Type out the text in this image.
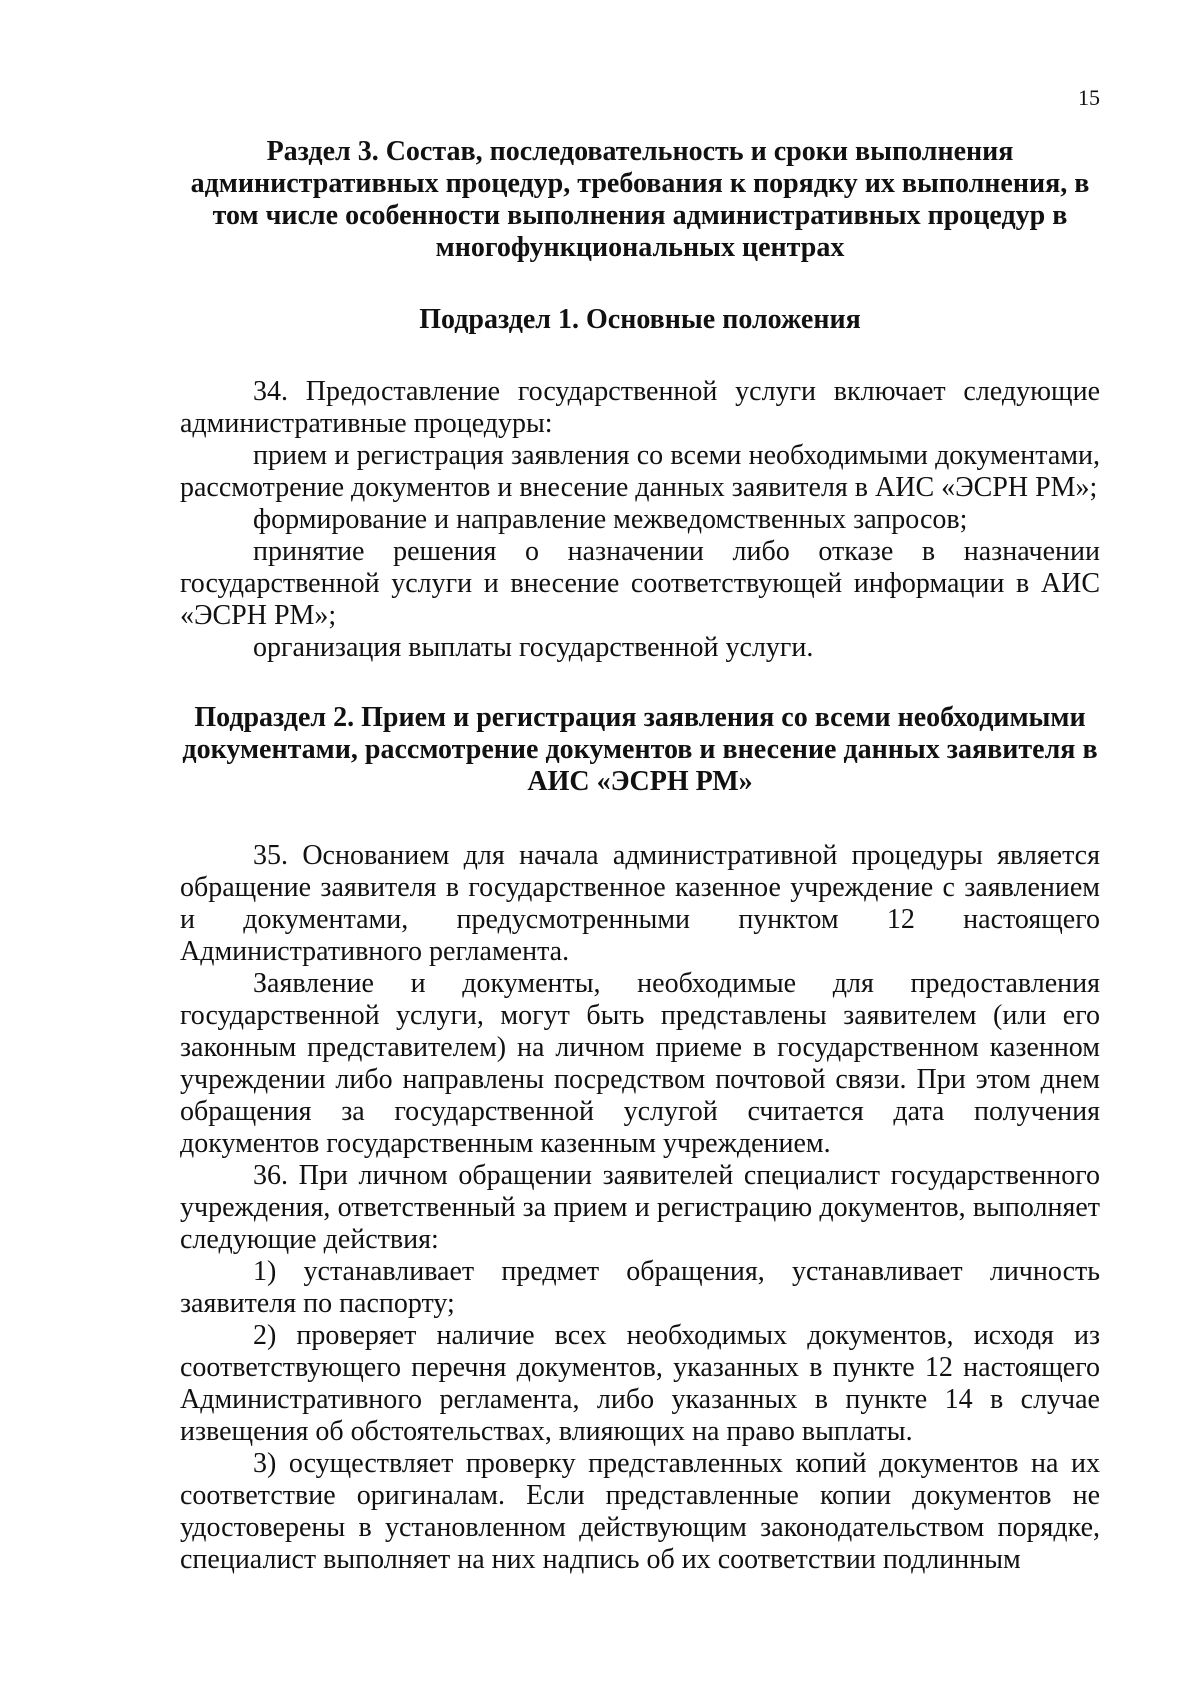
15
Раздел 3. Состав, последовательность и сроки выполнения
административных процедур, требования к порядку их выполнения, в
том числе особенности выполнения административных процедур в
многофункциональных центрах
Подраздел 1. Основные положения

34. Предоставление государственной услуги включает следующие административные процедуры:

прием и регистрация заявления со всеми необходимыми документами, рассмотрение документов и внесение данных заявителя в АИС «ЭСРН РМ»;

формирование и направление межведомственных запросов;

принятие решения о назначении либо отказе в назначении государственной услуги и внесение соответствующей информации в АИС «ЭСРН РМ»;

организация выплаты государственной услуги.

Подраздел 2. Прием и регистрация заявления со всеми необходимыми
документами, рассмотрение документов и внесение данных заявителя в
АИС «ЭСРН РМ»

35. Основанием для начала административной процедуры является обращение заявителя в государственное казенное учреждение с заявлением и документами, предусмотренными пунктом 12 настоящего Административного регламента.

Заявление и документы, необходимые для предоставления государственной услуги, могут быть представлены заявителем (или его законным представителем) на личном приеме в государственном казенном учреждении либо направлены посредством почтовой связи. При этом днем обращения за государственной услугой считается дата получения документов государственным казенным учреждением.

36. При личном обращении заявителей специалист государственного учреждения, ответственный за прием и регистрацию документов, выполняет следующие действия:

1) устанавливает предмет обращения, устанавливает личность заявителя по паспорту;

2) проверяет наличие всех необходимых документов, исходя из соответствующего перечня документов, указанных в пункте 12 настоящего Административного регламента, либо указанных в пункте 14 в случае извещения об обстоятельствах, влияющих на право выплаты.

3) осуществляет проверку представленных копий документов на их соответствие оригиналам. Если представленные копии документов не удостоверены в установленном действующим законодательством порядке, специалист выполняет на них надпись об их соответствии подлинным
